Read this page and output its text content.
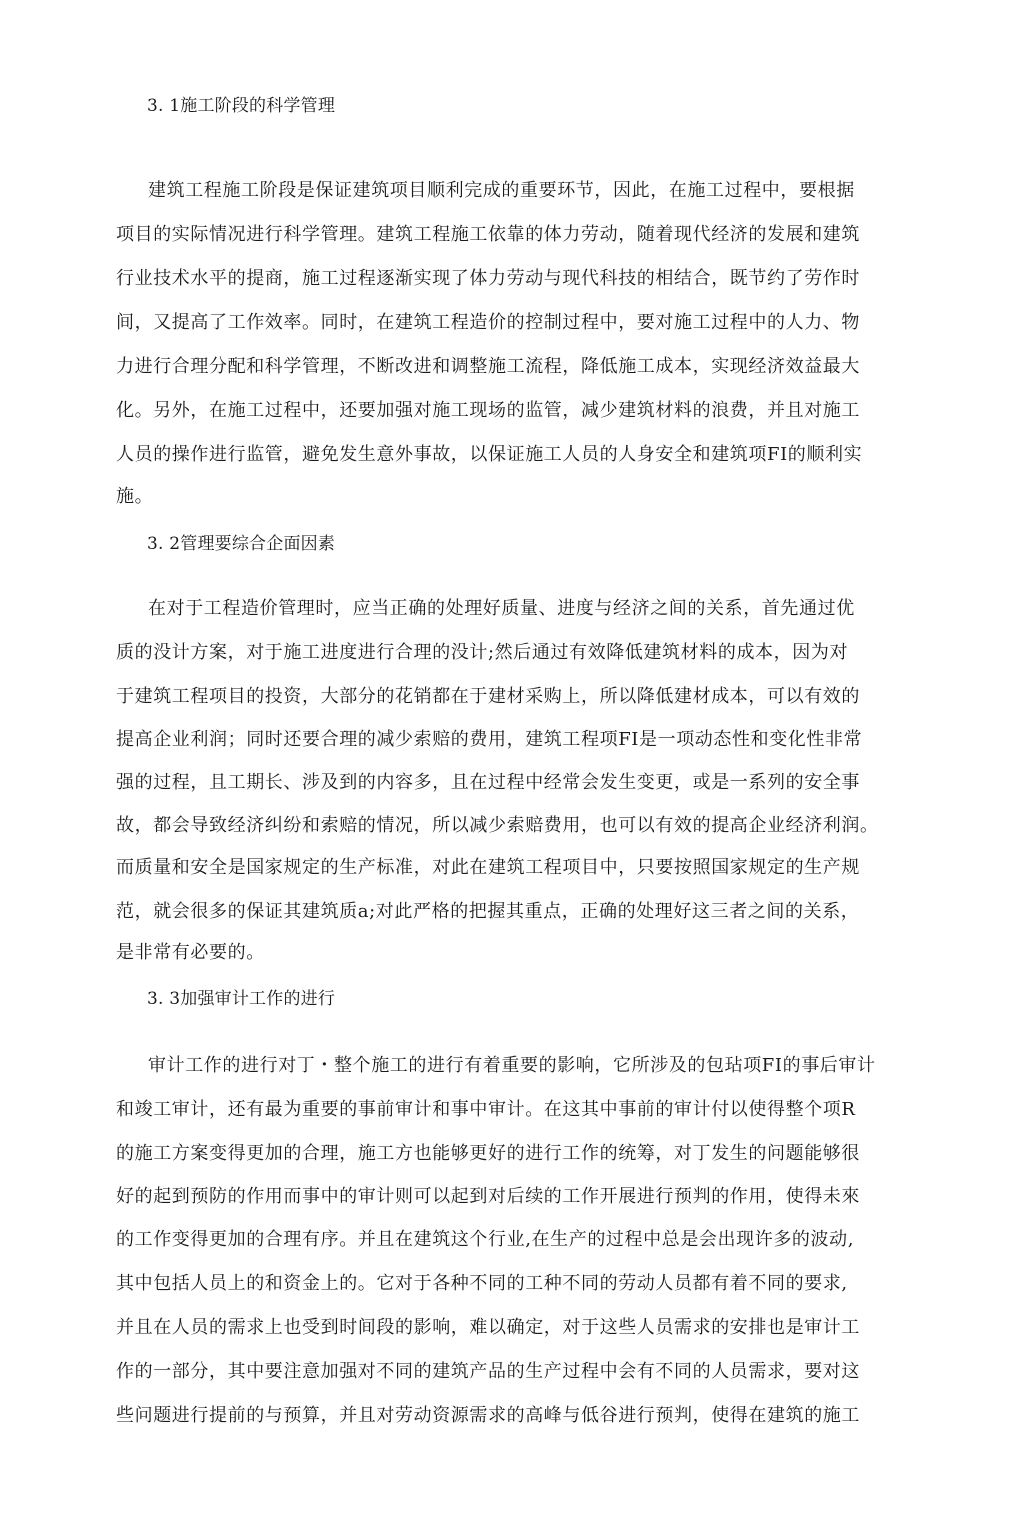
3. 1施工阶段的科学管理
建筑工程施工阶段是保证建筑项目顺利完成的重要环节，因此，在施工过程中，要根据
项目的实际情况进行科学管理。建筑工程施工依靠的体力劳动，随着现代经济的发展和建筑
行业技术水平的提商，施工过程逐渐实现了体力劳动与现代科技的相结合，既节约了劳作时
间，又提高了工作效率。同时，在建筑工程造价的控制过程中，要对施工过程中的人力、物
力进行合理分配和科学管理，不断改进和调整施工流程，降低施工成本，实现经济效益最大
化。另外，在施工过程中，还要加强对施工现场的监管，减少建筑材料的浪费，并且对施工
人员的操作进行监管，避免发生意外事故，以保证施工人员的人身安全和建筑项FI的顺利实
施。
3. 2管理要综合企面因素
在对于工程造价管理时，应当正确的处理好质量、进度与经济之间的关系，首先通过优
质的没计方案，对于施工进度进行合理的没计;然后通过有效降低建筑材料的成本，因为对
于建筑工程项目的投资，大部分的花销都在于建材采购上，所以降低建材成本，可以有效的
提高企业利润；同时还要合理的减少索赔的费用，建筑工程项FI是一项动态性和变化性非常
强的过程，且工期长、涉及到的内容多，且在过程中经常会发生变更，或是一系列的安全事
故，都会导致经济纠纷和索赔的情况，所以减少索赔费用，也可以有效的提高企业经济利润。
而质量和安全是国家规定的生产标准，对此在建筑工程项目中，只要按照国家规定的生产规
范，就会很多的保证其建筑质a;对此严格的把握其重点，正确的处理好这三者之间的关系，
是非常有必要的。
3. 3加强审计工作的进行
审计工作的进行对丁・整个施工的进行有着重要的影响，它所涉及的包玷项FI的事后审计
和竣工审计，还有最为重要的事前审计和事中审计。在这其中事前的审计付以使得整个项R
的施工方案变得更加的合理，施工方也能够更好的进行工作的统筹，对丁发生的问题能够很
好的起到预防的作用而事中的审计则可以起到对后续的工作开展进行预判的作用，使得未來
的工作变得更加的合理有序。并且在建筑这个行业,在生产的过程中总是会出现许多的波动,
其中包括人员上的和资金上的。它对于各种不同的工种不同的劳动人员都有着不同的要求,
并且在人员的需求上也受到时间段的影响，难以确定，对于这些人员需求的安排也是审计工
作的一部分，其中要注意加强对不同的建筑产品的生产过程中会有不同的人员需求，要对这
些问题进行提前的与预算，并且对劳动资源需求的高峰与低谷进行预判，使得在建筑的施工
